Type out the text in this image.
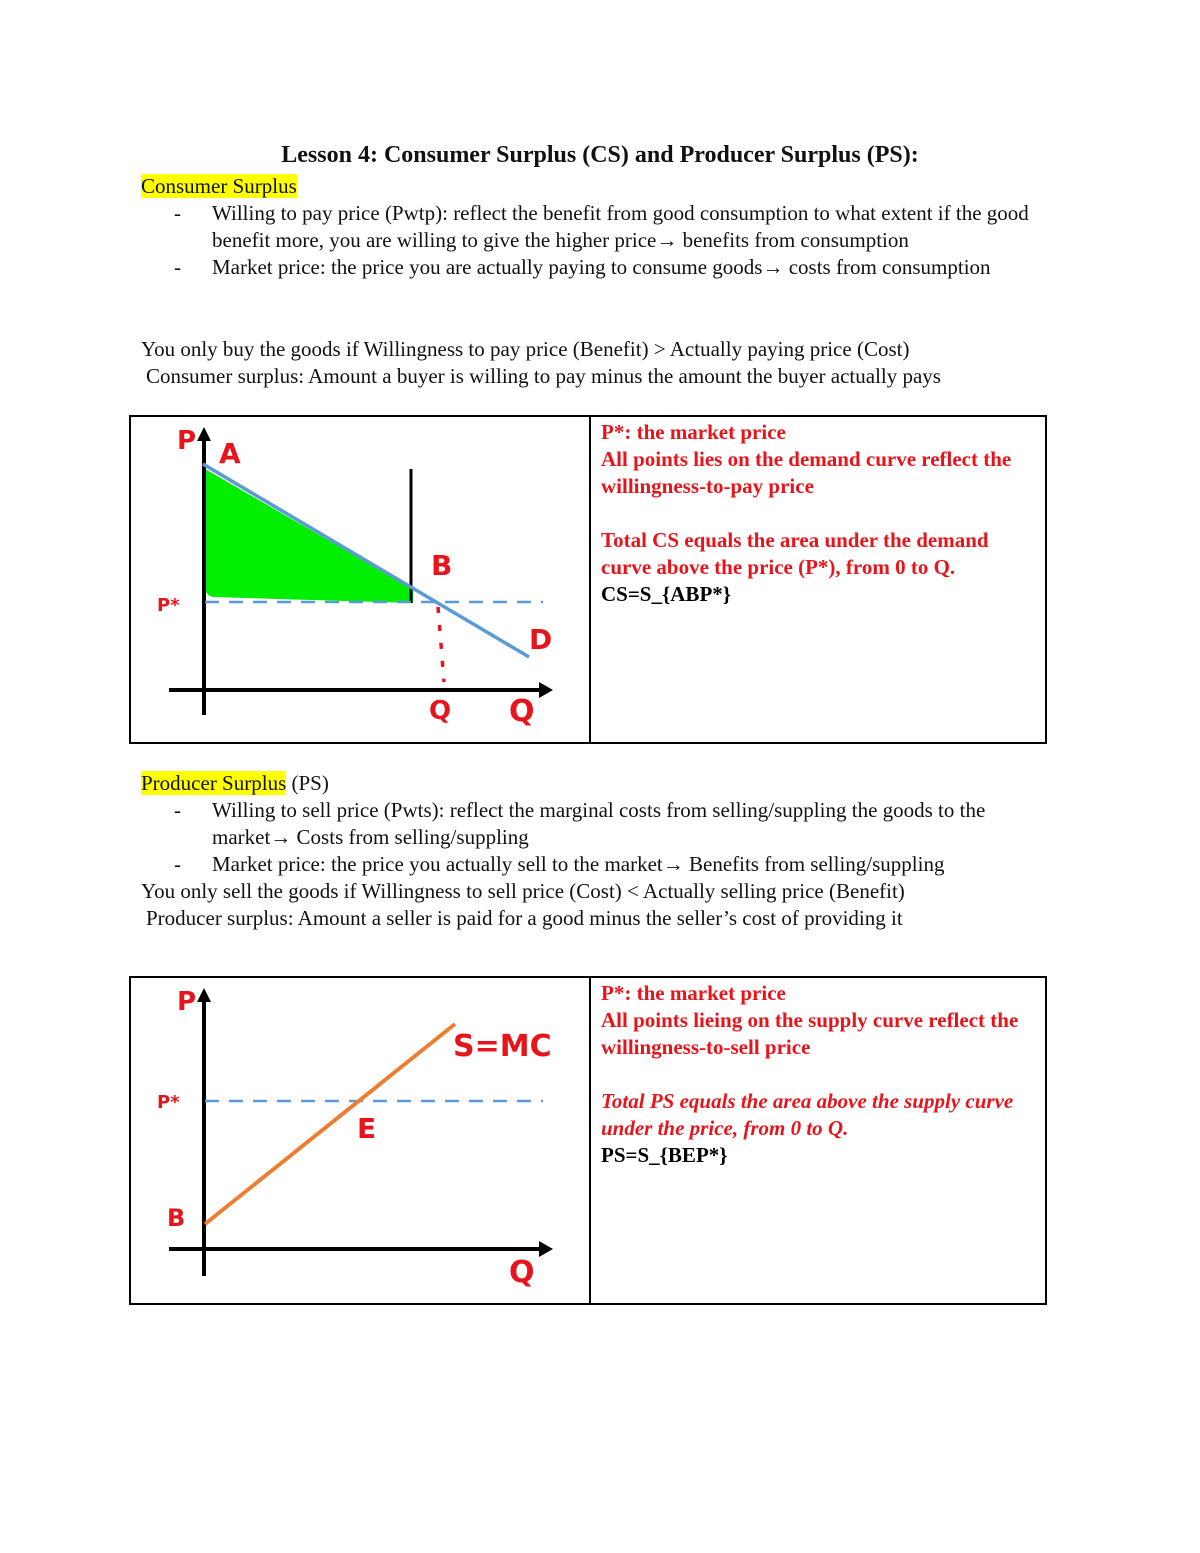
Lesson 4: Consumer Surplus (CS) and Producer Surplus (PS):
Consumer Surplus
- Willing to pay price (Pwtp): reflect the benefit from good consumption to what extent if the good benefit more, you are willing to give the higher price→ benefits from consumption
- Market price: the price you are actually paying to consume goods→ costs from consumption
You only buy the goods if Willingness to pay price (Benefit) > Actually paying price (Cost)
Consumer surplus: Amount a buyer is willing to pay minus the amount the buyer actually pays
P A
B
P*
D
Q Q

P*: the market price

All points lies on the demand curve reflect the willingness-to-pay price

Total CS equals the area under the demand curve above the price (P*), from 0 to Q.

CS=S_{ABP*}

Producer Surplus (PS)
- Willing to sell price (Pwts): reflect the marginal costs from selling/suppling the goods to the market→ Costs from selling/suppling
- Market price: the price you actually sell to the market→ Benefits from selling/suppling
You only sell the goods if Willingness to sell price (Cost) < Actually selling price (Benefit)
Producer surplus: Amount a seller is paid for a good minus the seller’s cost of providing it
P
S=MC
P*
E
B
Q

P*: the market price

All points lieing on the supply curve reflect the willingness-to-sell price

Total PS equals the area above the supply curve under the price, from 0 to Q.

PS=S_{BEP*}
